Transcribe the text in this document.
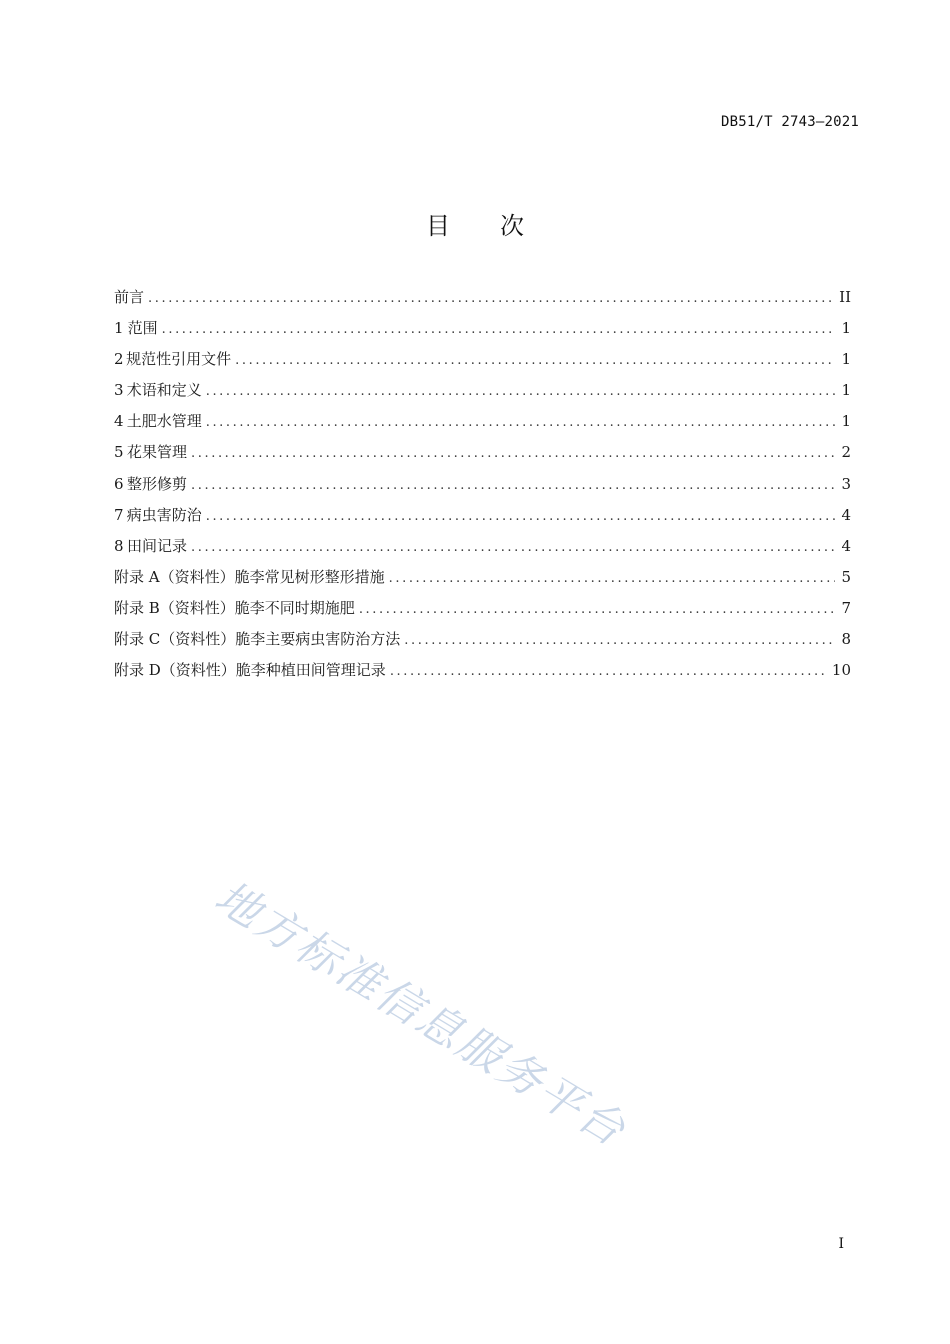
DB51/T 2743—2021
目 次
前言 .....	II
1 范围 .....	1
2 规范性引用文件 .....	1
3 术语和定义 .....	1
4 土肥水管理 .....	1
5 花果管理 .....	2
6 整形修剪 .....	3
7 病虫害防治 .....	4
8 田间记录 .....	4
附录 A（资料性） 脆李常见树形整形措施 .....	5
附录 B（资料性） 脆李不同时期施肥 .....	7
附录 C（资料性） 脆李主要病虫害防治方法 .....	8
附录 D（资料性） 脆李种植田间管理记录 .....	10
地方标准信息服务平台
I
